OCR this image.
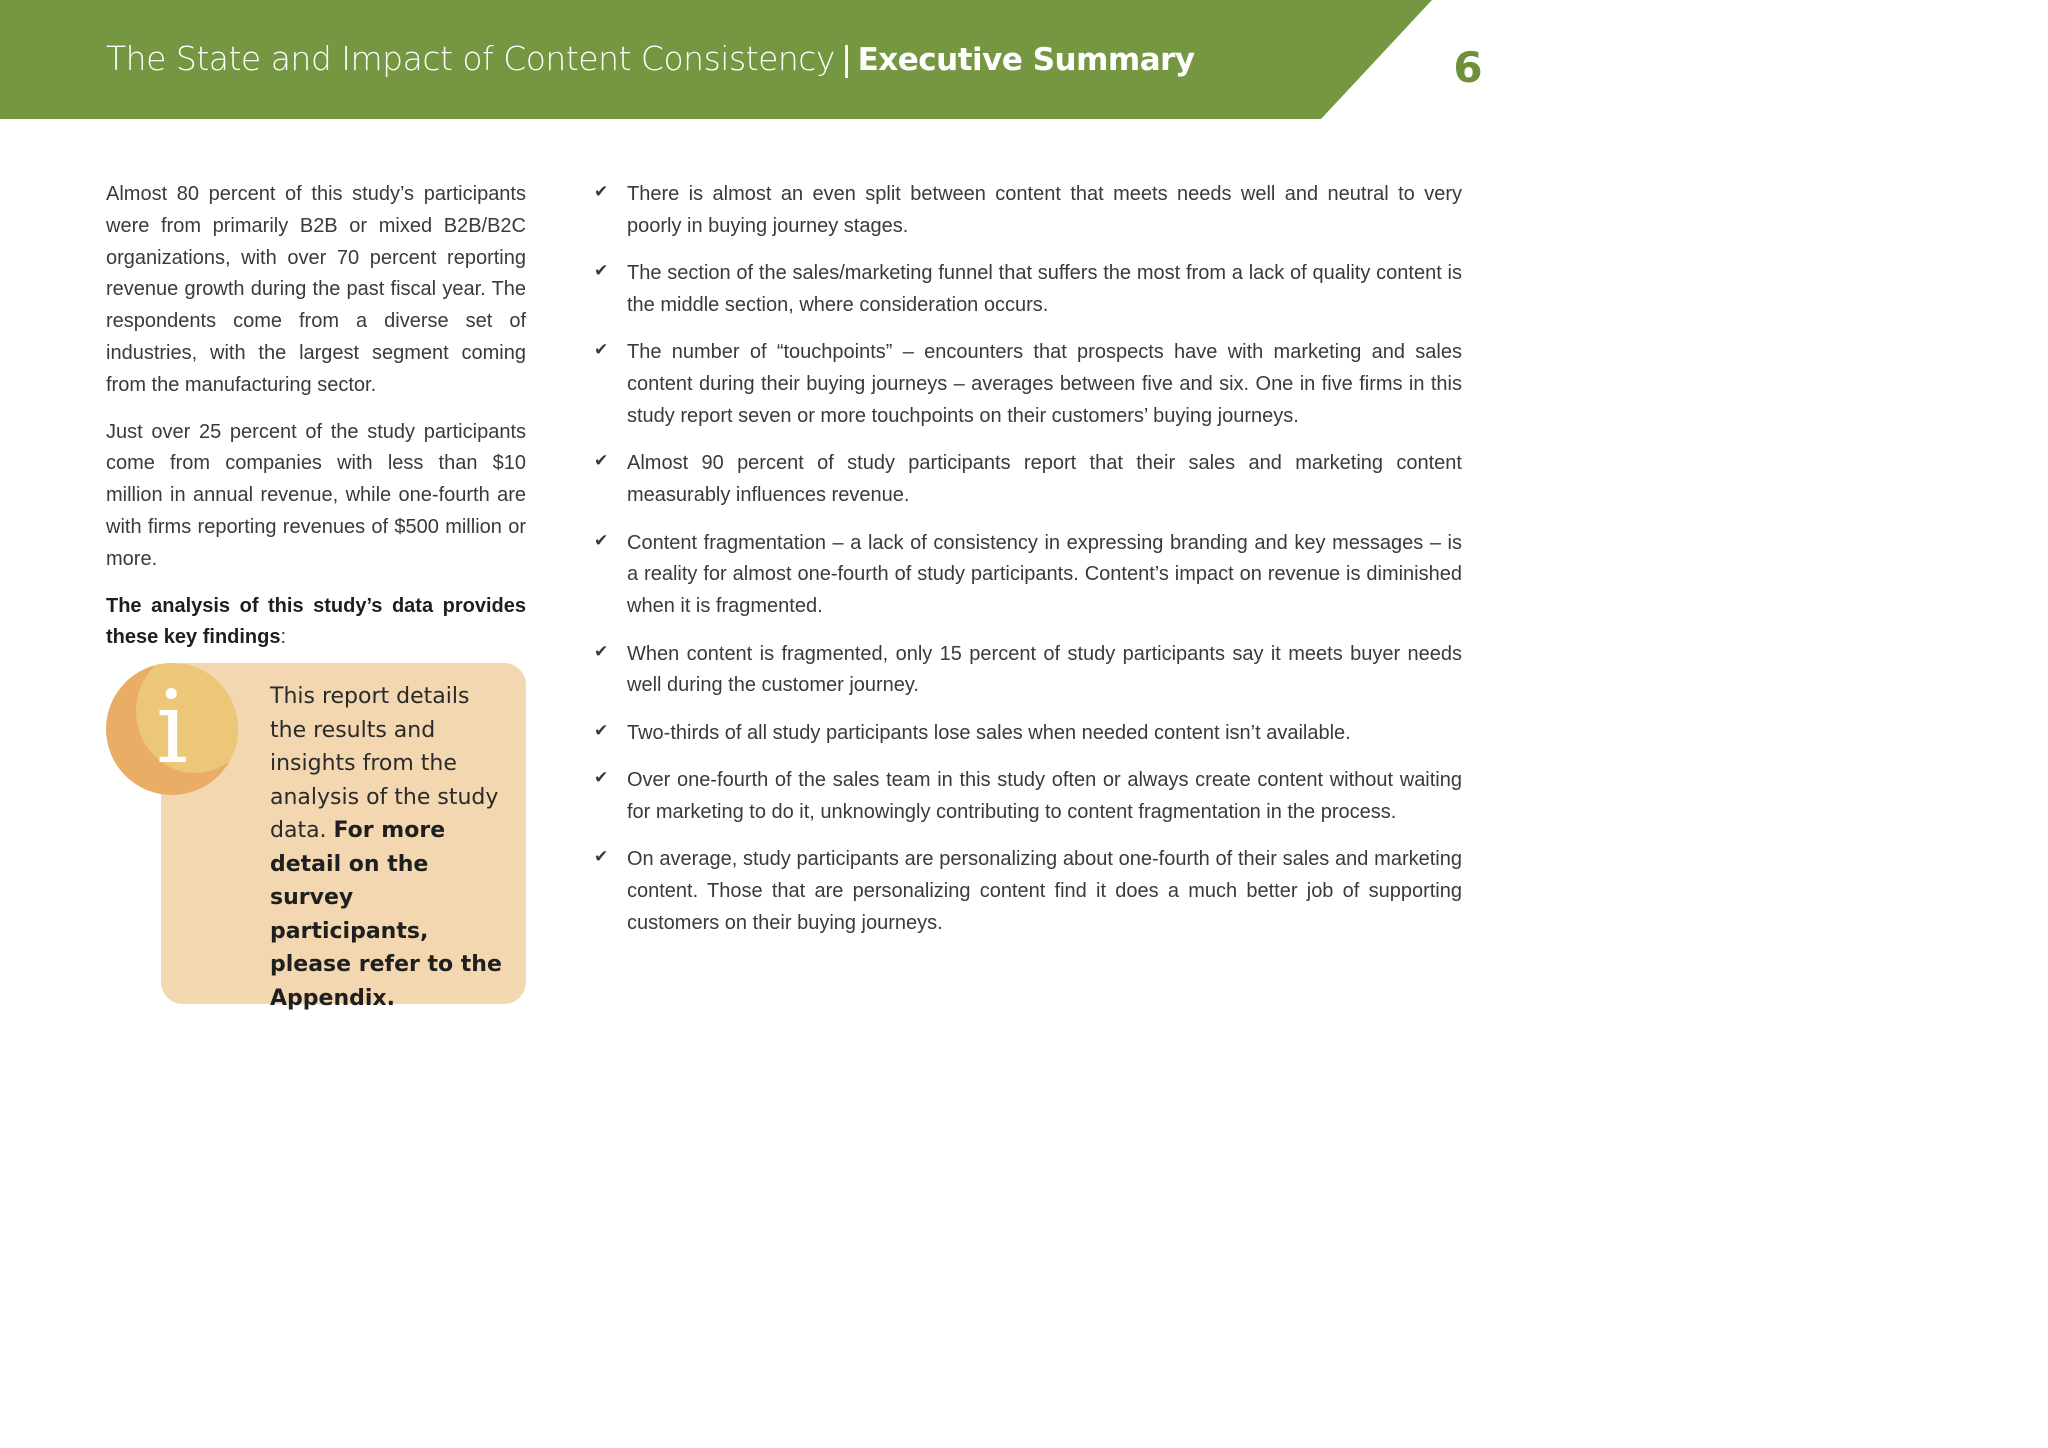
The State and Impact of Content Consistency | Executive Summary	6

Almost 80 percent of this study’s participants were from primarily B2B or mixed B2B/B2C organizations, with over 70 percent reporting revenue growth during the past fiscal year. The respondents come from a diverse set of industries, with the largest segment coming from the manufacturing sector.

Just over 25 percent of the study participants come from companies with less than $10 million in annual revenue, while one-fourth are with firms reporting revenues of $500 million or more.

The analysis of this study’s data provides these key findings:

i	This report details the results and insights from the analysis of the study data. For more detail on the survey participants, please refer to the Appendix.
✔ There is almost an even split between content that meets needs well and neutral to very poorly in buying journey stages.
✔ The section of the sales/marketing funnel that suffers the most from a lack of quality content is the middle section, where consideration occurs.
✔ The number of “touchpoints” – encounters that prospects have with marketing and sales content during their buying journeys – averages between five and six. One in five firms in this study report seven or more touchpoints on their customers’ buying journeys.
✔ Almost 90 percent of study participants report that their sales and marketing content measurably influences revenue.
✔ Content fragmentation – a lack of consistency in expressing branding and key messages – is a reality for almost one-fourth of study participants. Content’s impact on revenue is diminished when it is fragmented.
✔ When content is fragmented, only 15 percent of study participants say it meets buyer needs well during the customer journey.
✔ Two-thirds of all study participants lose sales when needed content isn’t available.
✔ Over one-fourth of the sales team in this study often or always create content without waiting for marketing to do it, unknowingly contributing to content fragmentation in the process.
✔ On average, study participants are personalizing about one-fourth of their sales and marketing content. Those that are personalizing content find it does a much better job of supporting customers on their buying journeys.
